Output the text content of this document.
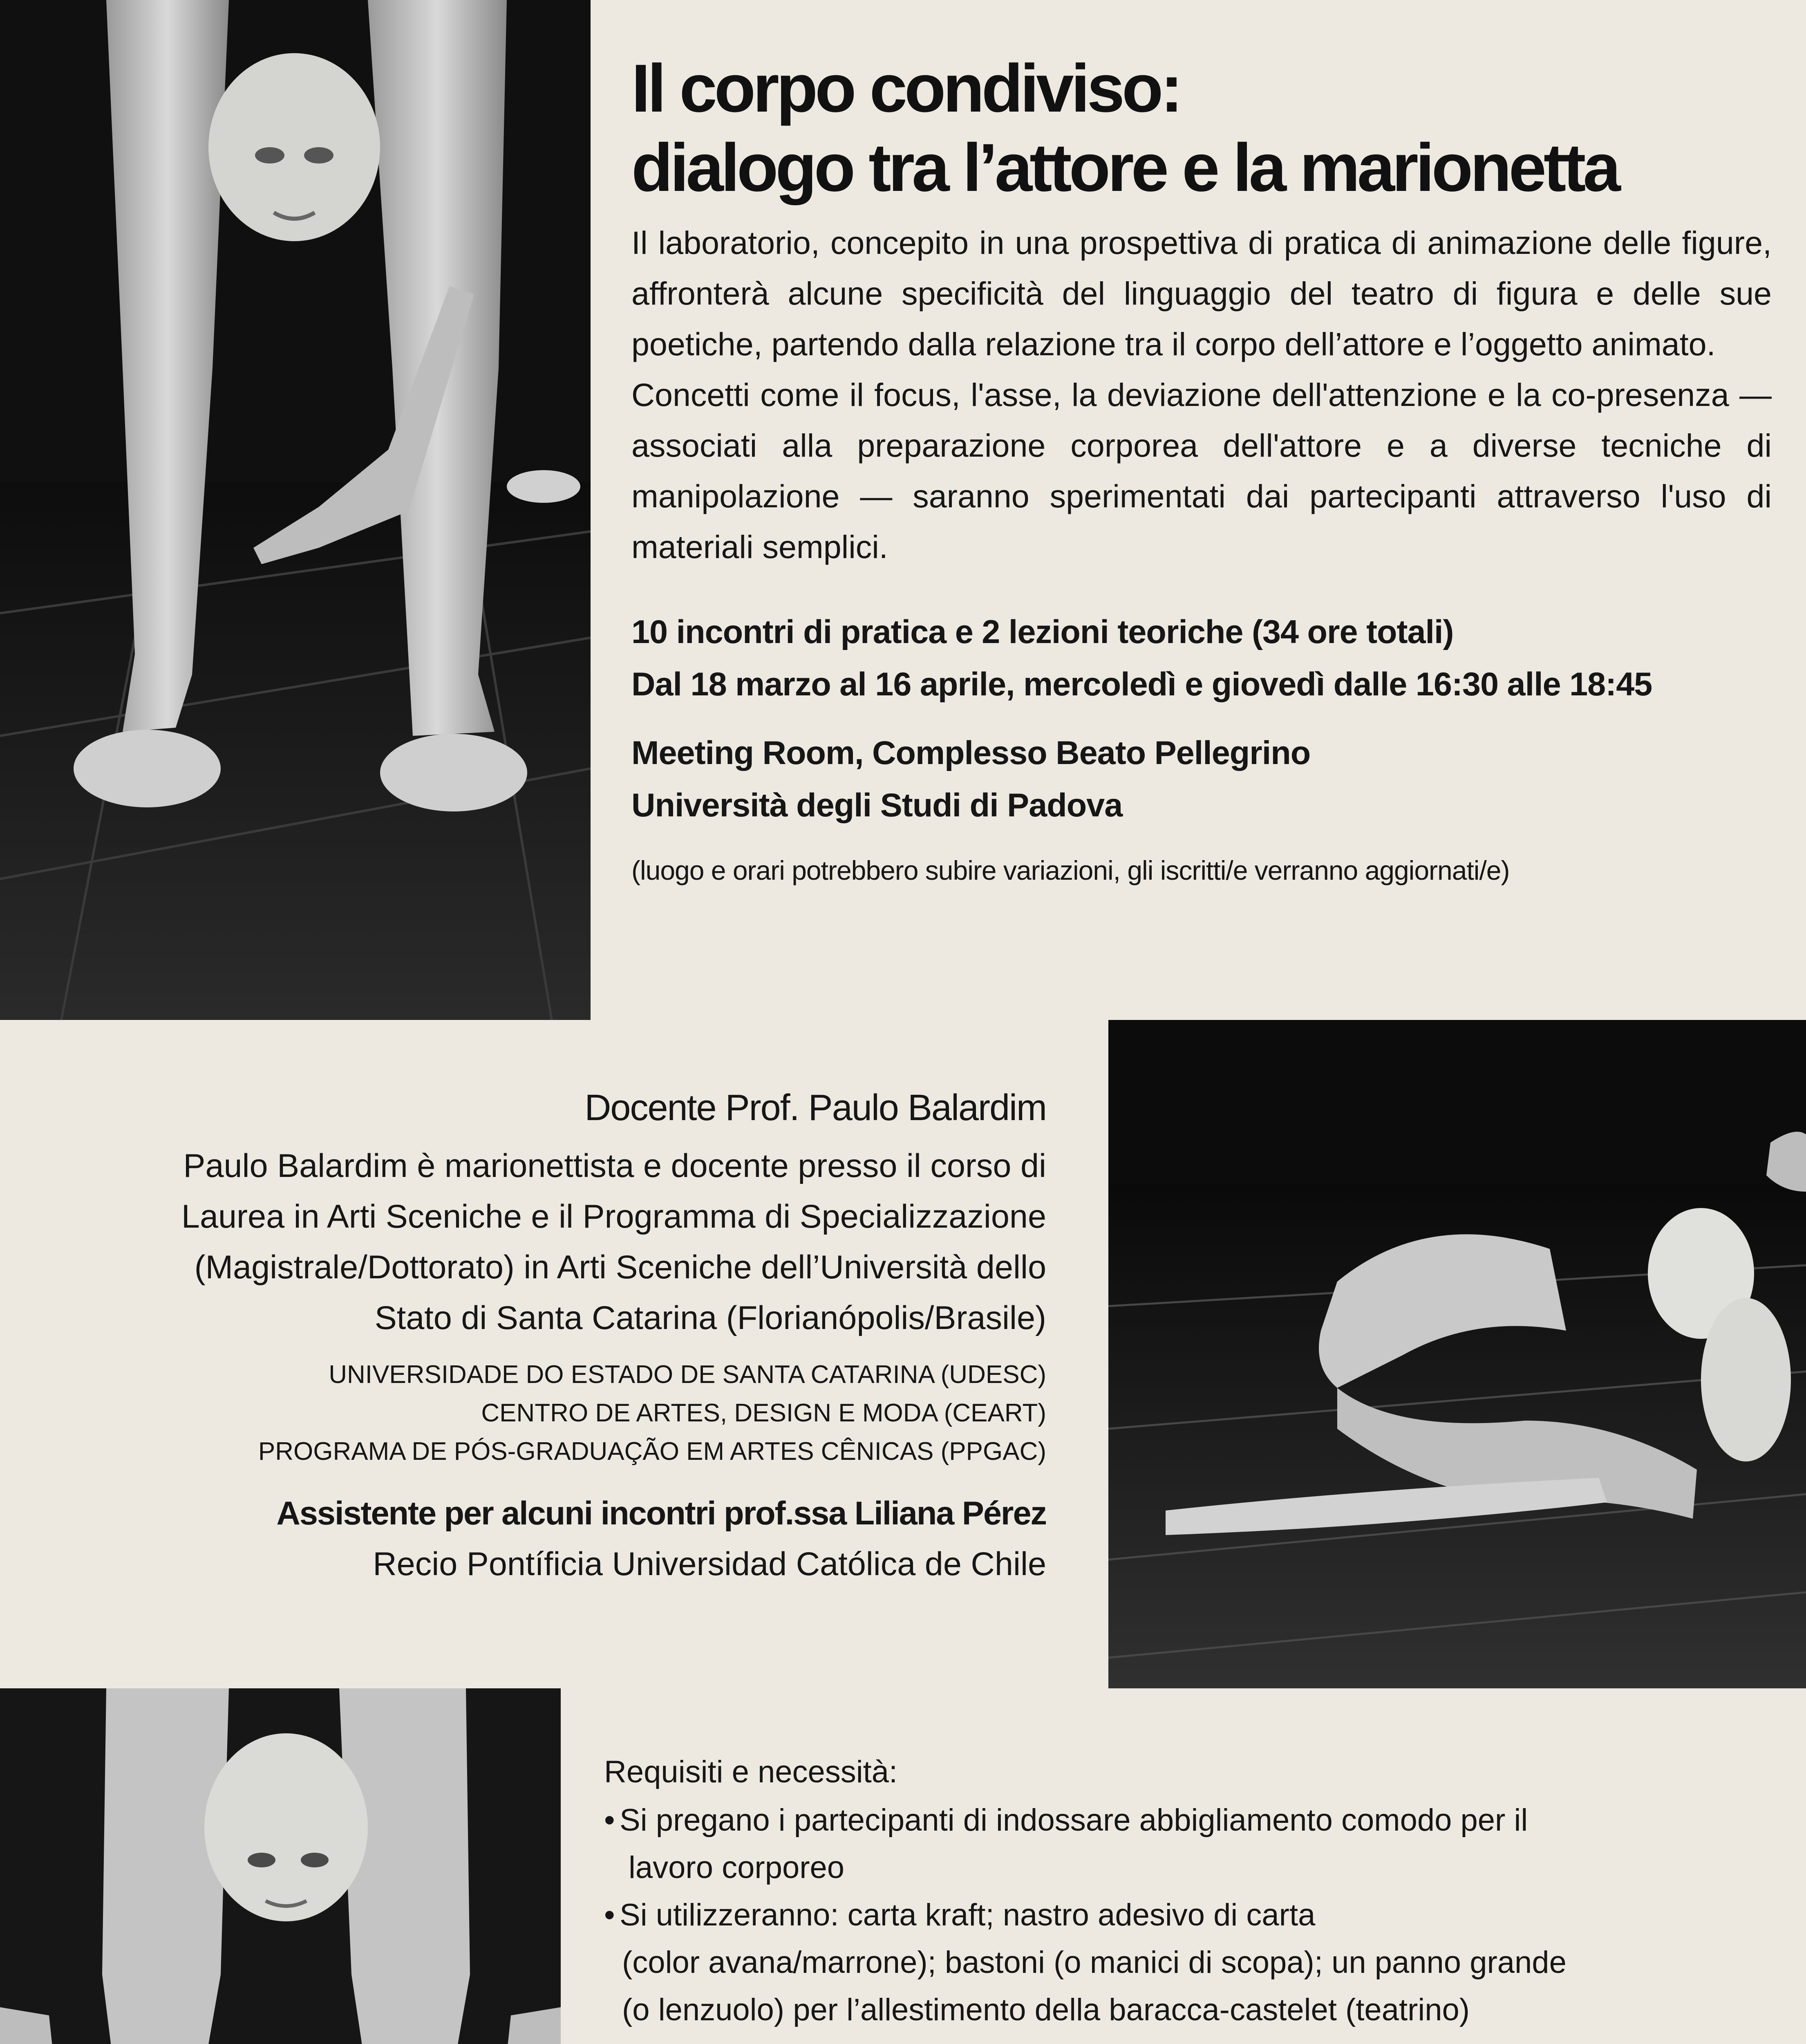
Il corpo condiviso:
dialogo tra l’attore e la marionetta

Il laboratorio, concepito in una prospettiva di pratica di animazione delle figure, affronterà alcune specificità del linguaggio del teatro di figura e delle sue poetiche, partendo dalla relazione tra il corpo dell’attore e l’oggetto animato.

Concetti come il focus, l'asse, la deviazione dell'attenzione e la co-presenza — associati alla preparazione corporea dell'attore e a diverse tecniche di manipolazione — saranno sperimentati dai partecipanti attraverso l'uso di materiali semplici.

10 incontri di pratica e 2 lezioni teoriche (34 ore totali)
Dal 18 marzo al 16 aprile, mercoledì e giovedì dalle 16:30 alle 18:45
Meeting Room, Complesso Beato Pellegrino
Università degli Studi di Padova
(luogo e orari potrebbero subire variazioni, gli iscritti/e verranno aggiornati/e)
Docente Prof. Paulo Balardim
Paulo Balardim è marionettista e docente presso il corso di
Laurea in Arti Sceniche e il Programma di Specializzazione
(Magistrale/Dottorato) in Arti Sceniche dell’Università dello
Stato di Santa Catarina (Florianópolis/Brasile)
UNIVERSIDADE DO ESTADO DE SANTA CATARINA (UDESC)
CENTRO DE ARTES, DESIGN E MODA (CEART)
PROGRAMA DE PÓS-GRADUAÇÃO EM ARTES CÊNICAS (PPGAC)
Assistente per alcuni incontri prof.ssa Liliana Pérez
Recio Pontíficia Universidad Católica de Chile
Requisiti e necessità:
• Si pregano i partecipanti di indossare abbigliamento comodo per il
lavoro corporeo
• Si utilizzeranno: carta kraft; nastro adesivo di carta
(color avana/marrone); bastoni (o manici di scopa); un panno grande
(o lenzuolo) per l’allestimento della baracca-castelet (teatrino)
